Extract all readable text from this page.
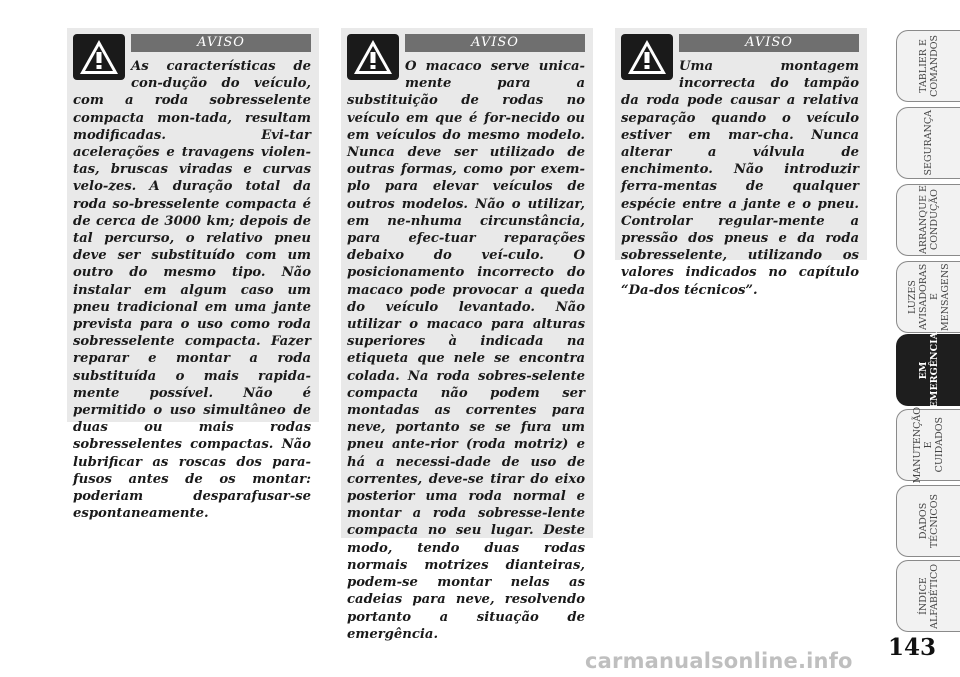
AVISO

As características de con-dução do veículo, com a roda sobresselente compacta mon-tada, resultam modificadas. Evi-tar acelerações e travagens violen-tas, bruscas viradas e curvas velo-zes. A duração total da roda so-bresselente compacta é de cerca de 3000 km; depois de tal percurso, o relativo pneu deve ser substituído com um outro do mesmo tipo. Não instalar em algum caso um pneu tradicional em uma jante prevista para o uso como roda sobresselente compacta. Fazer reparar e montar a roda substituída o mais rapida-mente possível. Não é permitido o uso simultâneo de duas ou mais rodas sobresselentes compactas. Não lubrificar as roscas dos para-fusos antes de os montar: poderiam desparafusar-se espontaneamente.

AVISO

O macaco serve unica-mente para a substituição de rodas no veículo em que é for-necido ou em veículos do mesmo modelo. Nunca deve ser utilizado de outras formas, como por exem-plo para elevar veículos de outros modelos. Não o utilizar, em ne-nhuma circunstância, para efec-tuar reparações debaixo do veí-culo. O posicionamento incorrecto do macaco pode provocar a queda do veículo levantado. Não utilizar o macaco para alturas superiores à indicada na etiqueta que nele se encontra colada. Na roda sobres-selente compacta não podem ser montadas as correntes para neve, portanto se se fura um pneu ante-rior (roda motriz) e há a necessi-dade de uso de correntes, deve-se tirar do eixo posterior uma roda normal e montar a roda sobresse-lente compacta no seu lugar. Deste modo, tendo duas rodas normais motrizes dianteiras, podem-se montar nelas as cadeias para neve, resolvendo portanto a situação de emergência.

AVISO

Uma montagem incorrecta do tampão da roda pode causar a relativa separação quando o veículo estiver em mar-cha. Nunca alterar a válvula de enchimento. Não introduzir ferra-mentas de qualquer espécie entre a jante e o pneu. Controlar regular-mente a pressão dos pneus e da roda sobresselente, utilizando os valores indicados no capítulo “Da-dos técnicos”.

TABLIER E
COMANDOS
SEGURANÇA
ARRANQUE E
CONDUÇÃO
LUZES
AVISADORAS
E MENSAGENS
EM
EMERGÊNCIA
MANUTENÇÃO E
CUIDADOS
DADOS
TÉCNICOS
ÍNDICE
ALFABÉTICO
143
carmanualsonline.info
